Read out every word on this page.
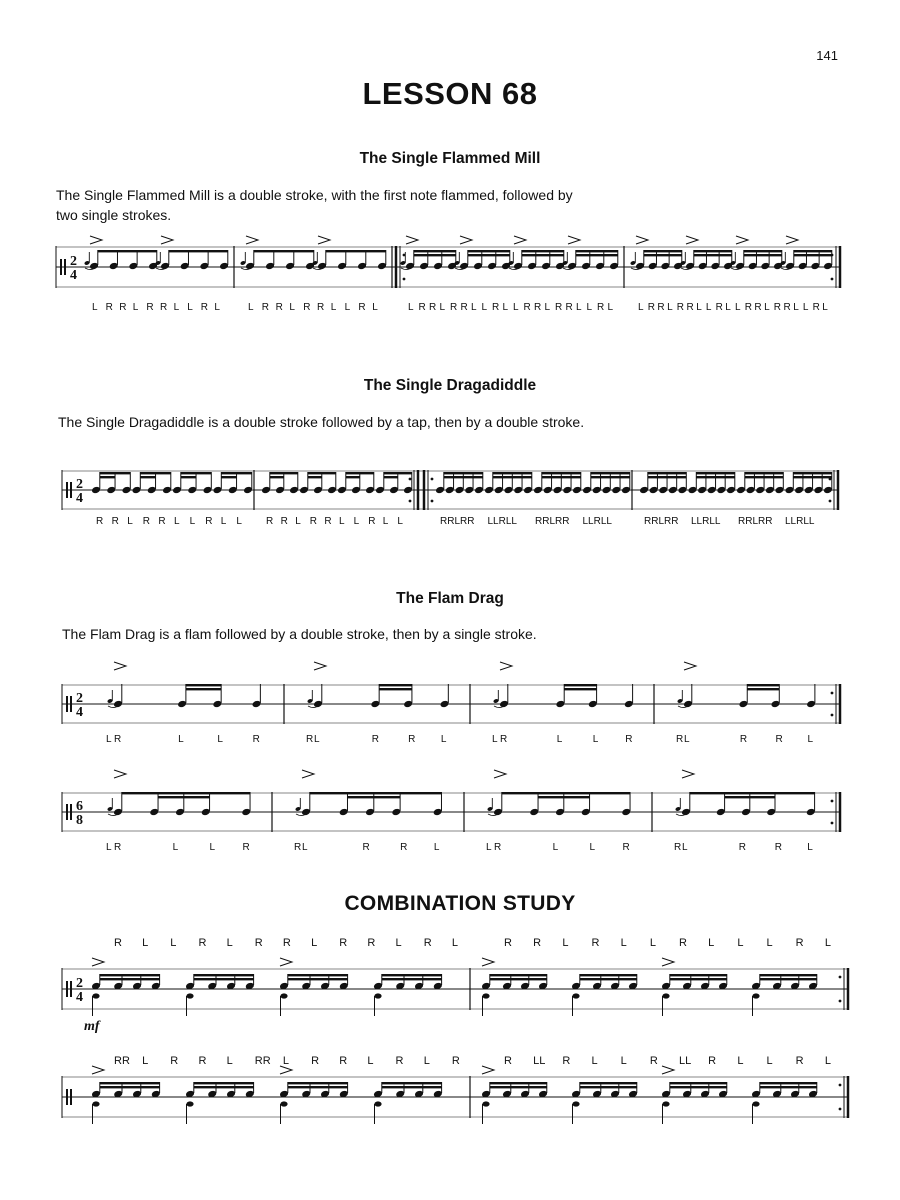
141
LESSON 68
The Single Flammed Mill
The Single Flammed Mill is a double stroke, with the first note flammed, followed by
two single strokes.
2
4
L R R L R R L L R L	L R R L R R L L R L	L R R L R R L L R L L R R L R R L L R L L R R L R R L L R L L R R L R R L L R L
The Single Dragadiddle
The Single Dragadiddle is a double stroke followed by a tap, then by a double stroke.
2
4
R R L R R L L R L L R R L R R L L R L L	RRLRR LLRLL RRLRR LLRLL	RRLRR LLRLL RRLRR LLRLL
The Flam Drag
The Flam Drag is a flam followed by a double stroke, then by a single stroke.
2
4
L R	L	L	R	R L	R	R	L	L R	L	L	R	R L	R	R L
6
8
L R	L	L	R	R L	R	R	L	L R	L	L	R	R L	R	R	L
COMBINATION STUDY
2
4
R L L R L R R L R R L R L	R R L R L L R L L L R L
mf
RR L R R L RR L R R L R L R	R LL R L L R LL R L L R L
